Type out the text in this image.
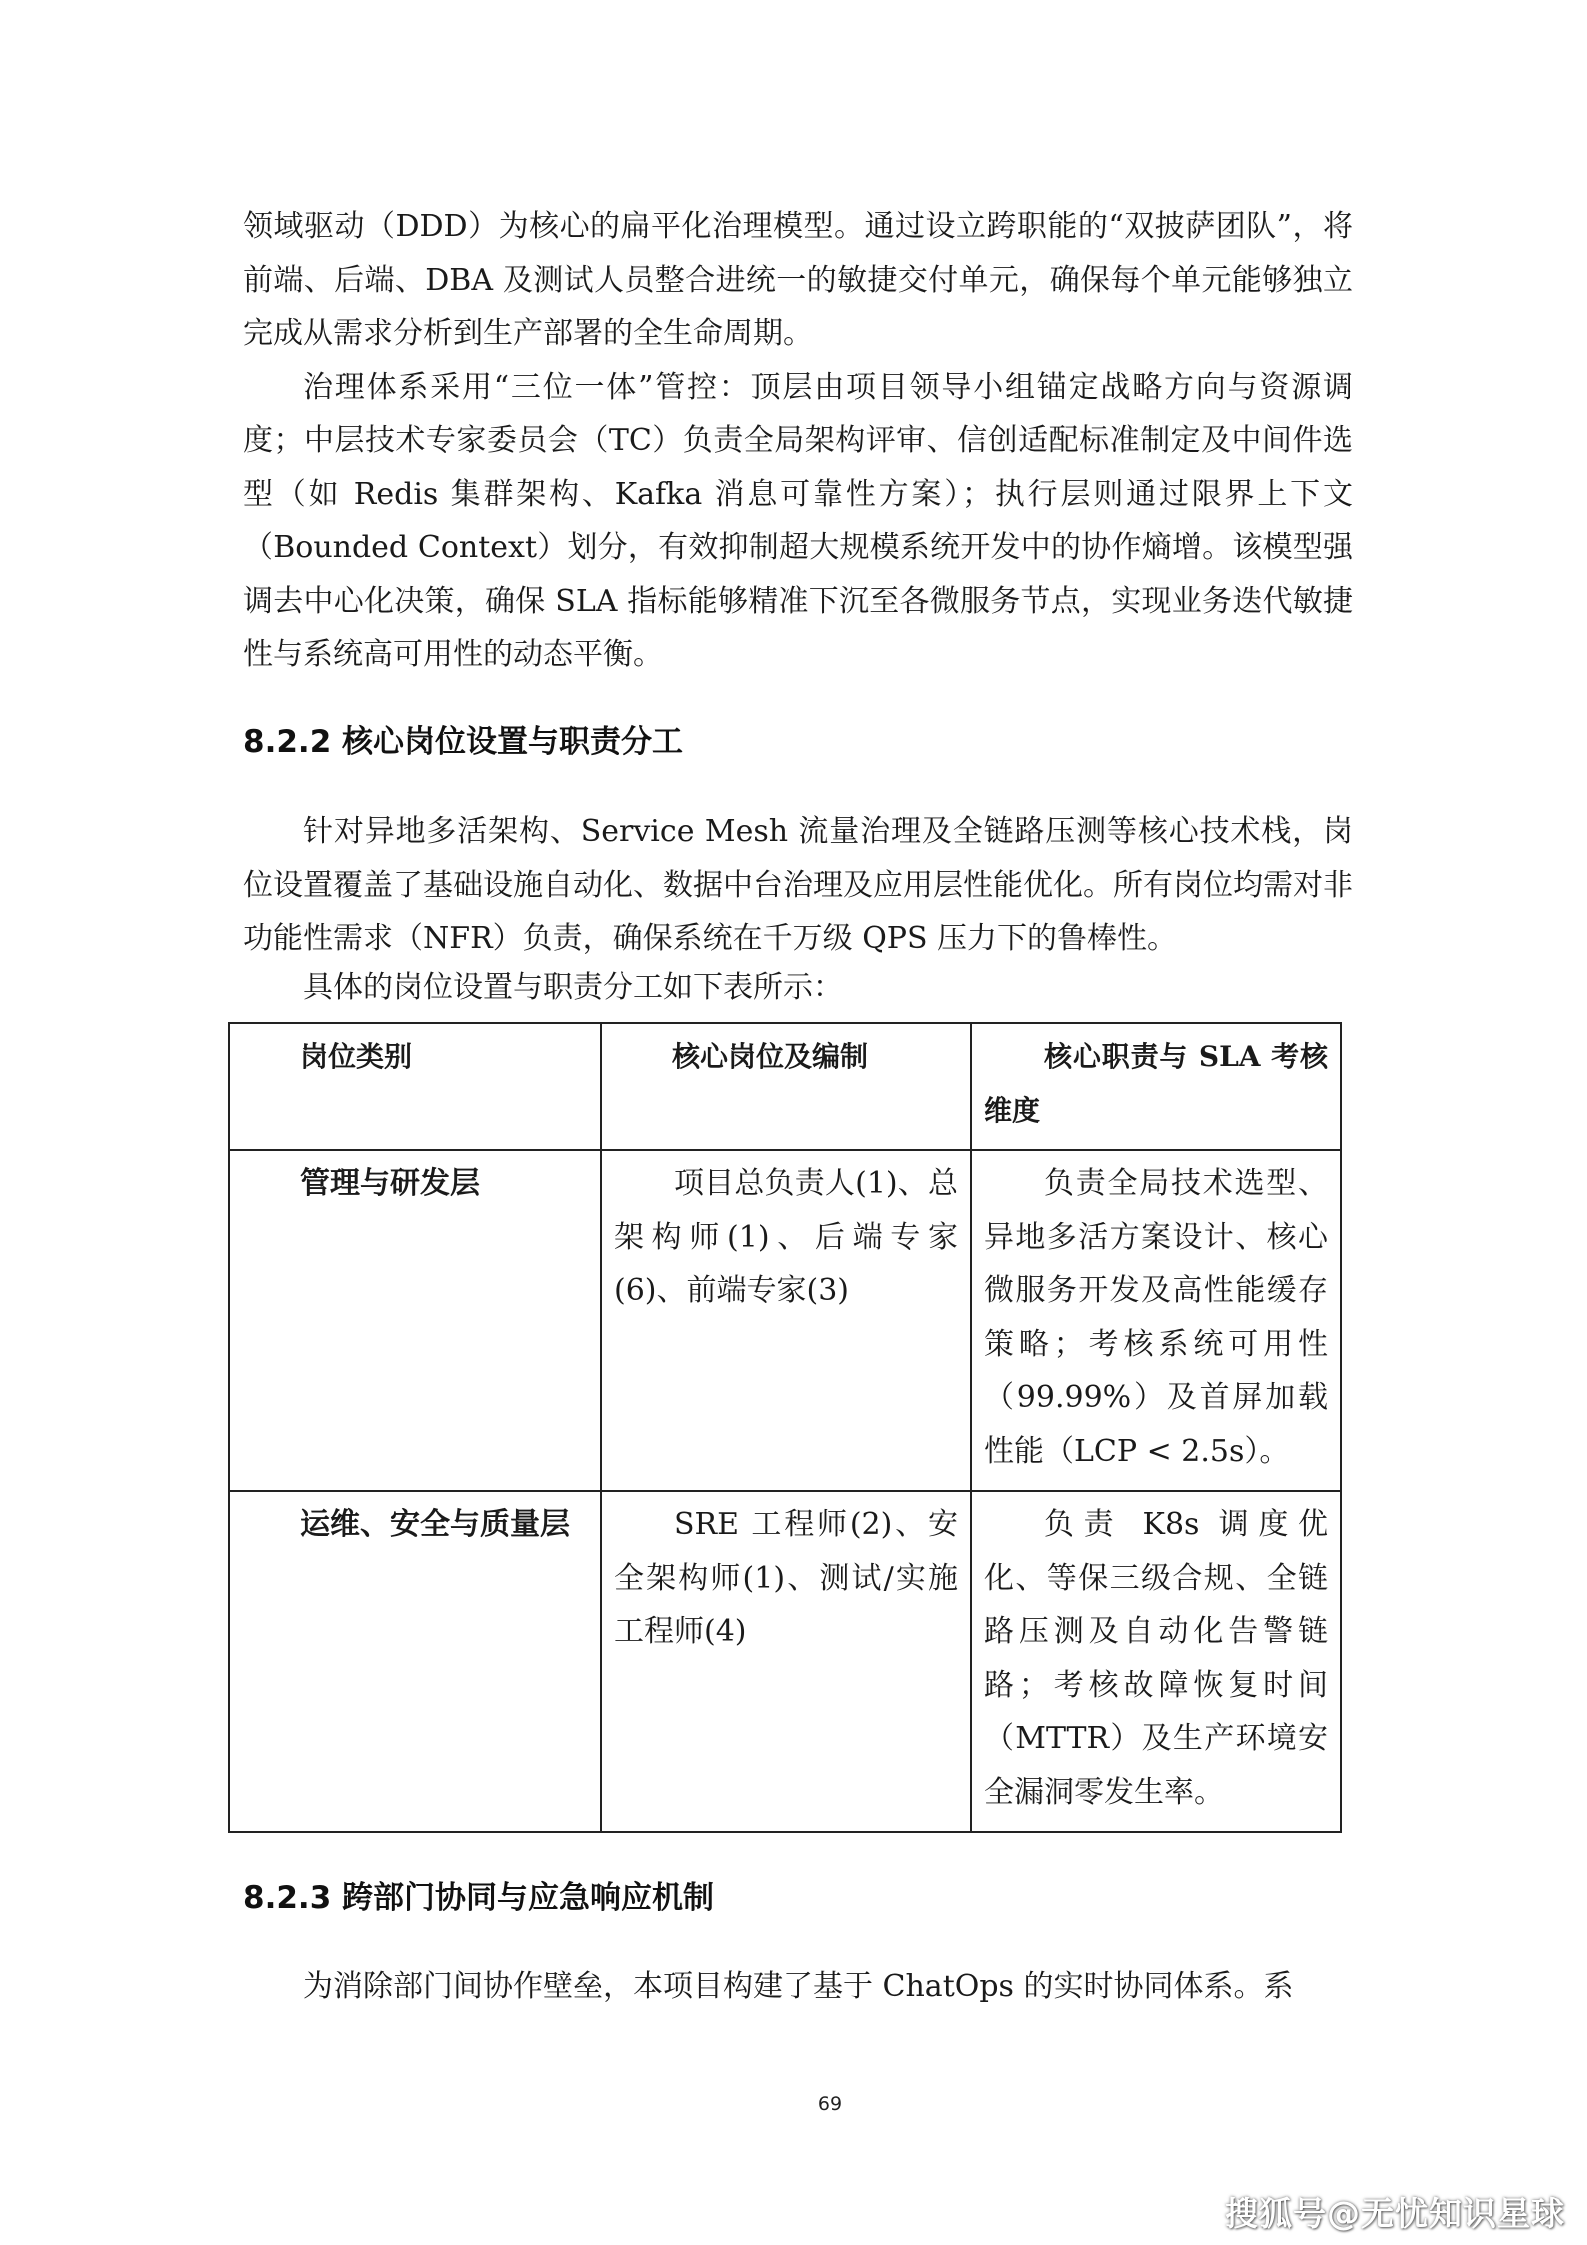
领域驱动（DDD）为核心的扁平化治理模型。通过设立跨职能的“双披萨团队”，将前端、后端、DBA 及测试人员整合进统一的敏捷交付单元，确保每个单元能够独立完成从需求分析到生产部署的全生命周期。

治理体系采用“三位一体”管控：顶层由项目领导小组锚定战略方向与资源调度；中层技术专家委员会（TC）负责全局架构评审、信创适配标准制定及中间件选型（如 Redis 集群架构、Kafka 消息可靠性方案）；执行层则通过限界上下文（Bounded Context）划分，有效抑制超大规模系统开发中的协作熵增。该模型强调去中心化决策，确保 SLA 指标能够精准下沉至各微服务节点，实现业务迭代敏捷性与系统高可用性的动态平衡。

8.2.2 核心岗位设置与职责分工

针对异地多活架构、Service Mesh 流量治理及全链路压测等核心技术栈，岗位设置覆盖了基础设施自动化、数据中台治理及应用层性能优化。所有岗位均需对非功能性需求（NFR）负责，确保系统在千万级 QPS 压力下的鲁棒性。

具体的岗位设置与职责分工如下表所示：

岗位类别	核心岗位及编制	核心职责与 SLA 考核维度
管理与研发层	项目总负责人(1)、总架构师(1)、后端专家(6)、前端专家(3)	负责全局技术选型、异地多活方案设计、核心微服务开发及高性能缓存策略；考核系统可用性（99.99%）及首屏加载性能（LCP < 2.5s）。
运维、安全与质量层	SRE 工程师(2)、安全架构师(1)、测试/实施工程师(4)	负责 K8s 调度优化、等保三级合规、全链路压测及自动化告警链路；考核故障恢复时间（MTTR）及生产环境安全漏洞零发生率。
8.2.3 跨部门协同与应急响应机制

为消除部门间协作壁垒，本项目构建了基于 ChatOps 的实时协同体系。系

69
搜狐号@无忧知识星球
